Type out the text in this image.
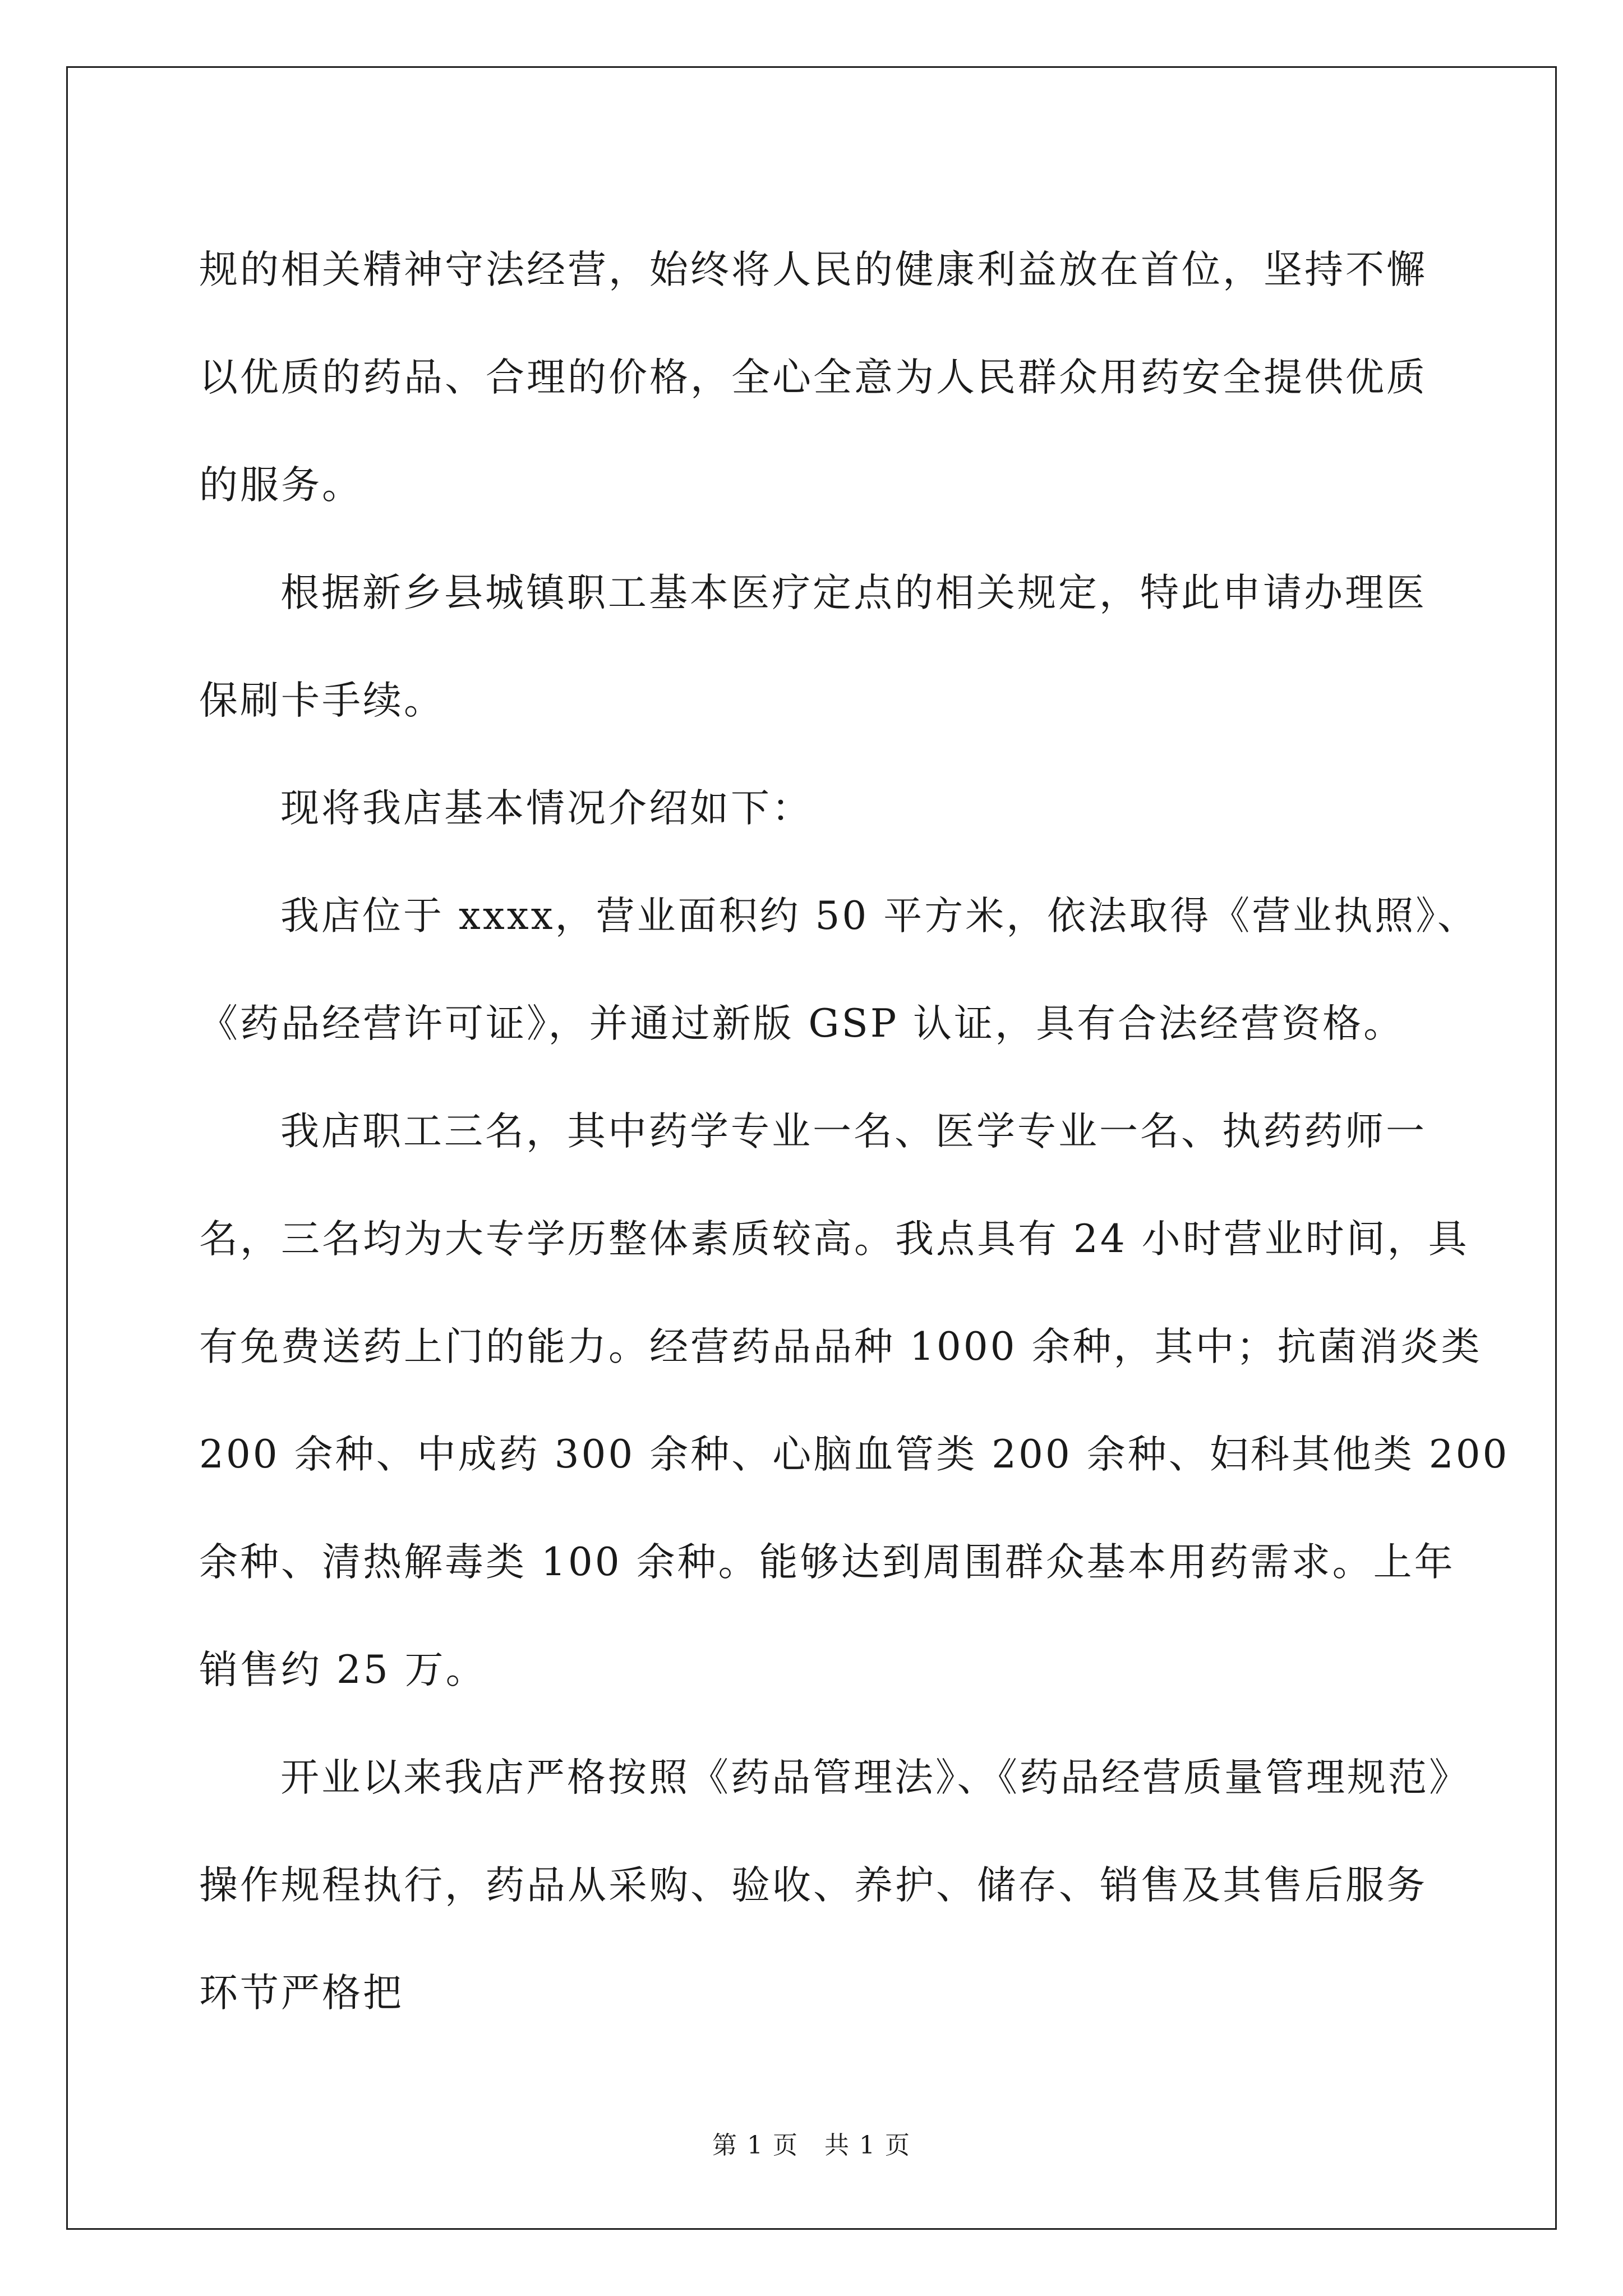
规的相关精神守法经营，始终将人民的健康利益放在首位，坚持不懈
以优质的药品、合理的价格，全心全意为人民群众用药安全提供优质
的服务。
根据新乡县城镇职工基本医疗定点的相关规定，特此申请办理医
保刷卡手续。
现将我店基本情况介绍如下：
我店位于 xxxx，营业面积约 50 平方米，依法取得《营业执照》、
《药品经营许可证》，并通过新版 GSP 认证，具有合法经营资格。
我店职工三名，其中药学专业一名、医学专业一名、执药药师一
名，三名均为大专学历整体素质较高。我点具有 24 小时营业时间，具
有免费送药上门的能力。经营药品品种 1000 余种，其中；抗菌消炎类
200 余种、中成药 300 余种、心脑血管类 200 余种、妇科其他类 200
余种、清热解毒类 100 余种。能够达到周围群众基本用药需求。上年
销售约 25 万。
开业以来我店严格按照《药品管理法》、《药品经营质量管理规范》
操作规程执行，药品从采购、验收、养护、储存、销售及其售后服务
环节严格把
第 1 页　共 1 页
